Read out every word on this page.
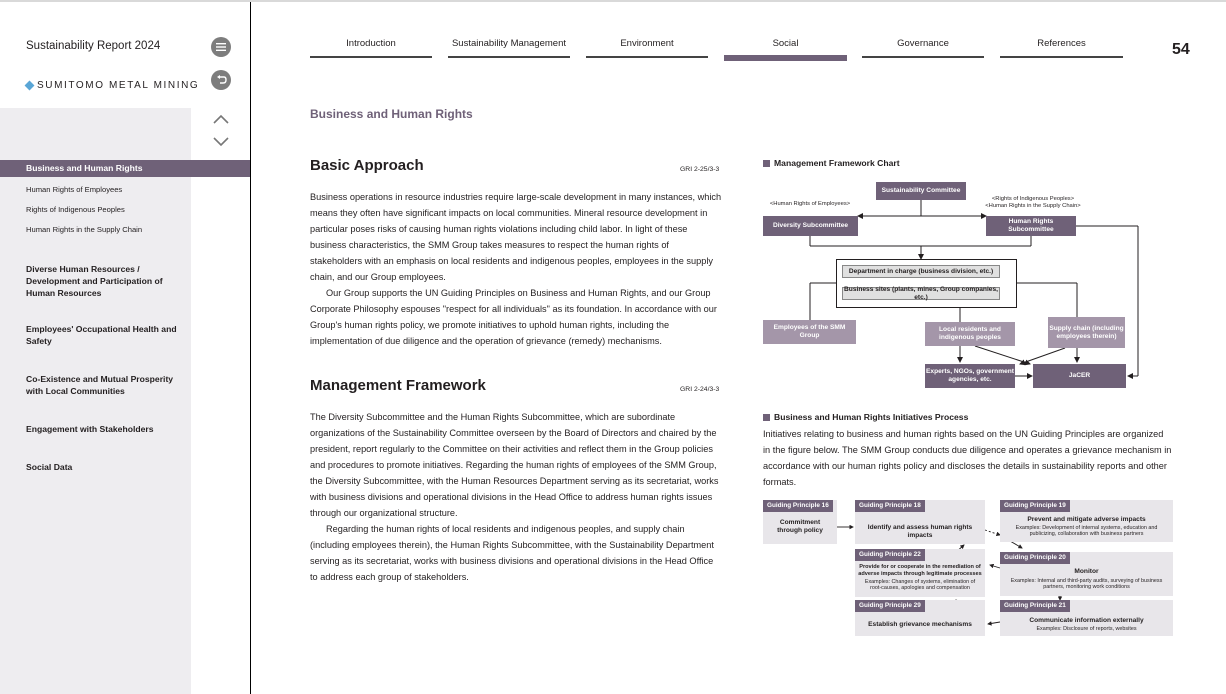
Sustainability Report 2024
SUMITOMO METAL MINING
Business and Human Rights
Human Rights of Employees
Rights of Indigenous Peoples
Human Rights in the Supply Chain
Diverse Human Resources / Development and Participation of Human Resources
Employees' Occupational Health and Safety
Co-Existence and Mutual Prosperity with Local Communities
Engagement with Stakeholders
Social Data
Introduction	Sustainability Management	Environment	Social	Governance	References	54
Business and Human Rights
Basic Approach	GRI 2-25/3-3

Business operations in resource industries require large-scale development in many instances, which means they often have significant impacts on local communities. Mineral resource development in particular poses risks of causing human rights violations including child labor. In light of these business characteristics, the SMM Group takes measures to respect the human rights of stakeholders with an emphasis on local residents and indigenous peoples, employees in the supply chain, and our Group employees.

Our Group supports the UN Guiding Principles on Business and Human Rights, and our Group Corporate Philosophy espouses "respect for all individuals" as its foundation. In accordance with our Group's human rights policy, we promote initiatives to uphold human rights, including the implementation of due diligence and the operation of grievance (remedy) mechanisms.

Management Framework	GRI 2-24/3-3

The Diversity Subcommittee and the Human Rights Subcommittee, which are subordinate organizations of the Sustainability Committee overseen by the Board of Directors and chaired by the president, report regularly to the Committee on their activities and reflect them in the Group policies and procedures to promote initiatives. Regarding the human rights of employees of the SMM Group, the Diversity Subcommittee, with the Human Resources Department serving as its secretariat, works with business divisions and operational divisions in the Head Office to address human rights issues through our organizational structure.

Regarding the human rights of local residents and indigenous peoples, and supply chain (including employees therein), the Human Rights Subcommittee, with the Sustainability Department serving as its secretariat, works with business divisions and operational divisions in the Head Office to address each group of stakeholders.

Management Framework Chart
Sustainability Committee
<Human Rights of Employees>
<Rights of Indigenous Peoples>
<Human Rights in the Supply Chain>
Diversity Subcommittee
Human Rights Subcommittee
Department in charge (business division, etc.)
Business sites (plants, mines, Group companies, etc.)
Employees of the SMM Group
Local residents and indigenous peoples
Supply chain (including employees therein)
Experts, NGOs, government agencies, etc.
JaCER
Business and Human Rights Initiatives Process
Initiatives relating to business and human rights based on the UN Guiding Principles are organized in the figure below. The SMM Group conducts due diligence and operates a grievance mechanism in accordance with our human rights policy and discloses the details in sustainability reports and other formats.
Guiding Principle 16
Commitment through policy
Guiding Principle 18
Identify and assess human rights impacts
Guiding Principle 19
Prevent and mitigate adverse impacts
Examples: Development of internal systems, education and publicizing, collaboration with business partners
Guiding Principle 22
Provide for or cooperate in the remediation of adverse impacts through legitimate processes
Examples: Changes of systems, elimination of root-causes, apologies and compensation
Guiding Principle 20
Monitor
Examples: Internal and third-party audits, surveying of business partners, monitoring work conditions
Guiding Principle 29
Establish grievance mechanisms
Guiding Principle 21
Communicate information externally
Examples: Disclosure of reports, websites
